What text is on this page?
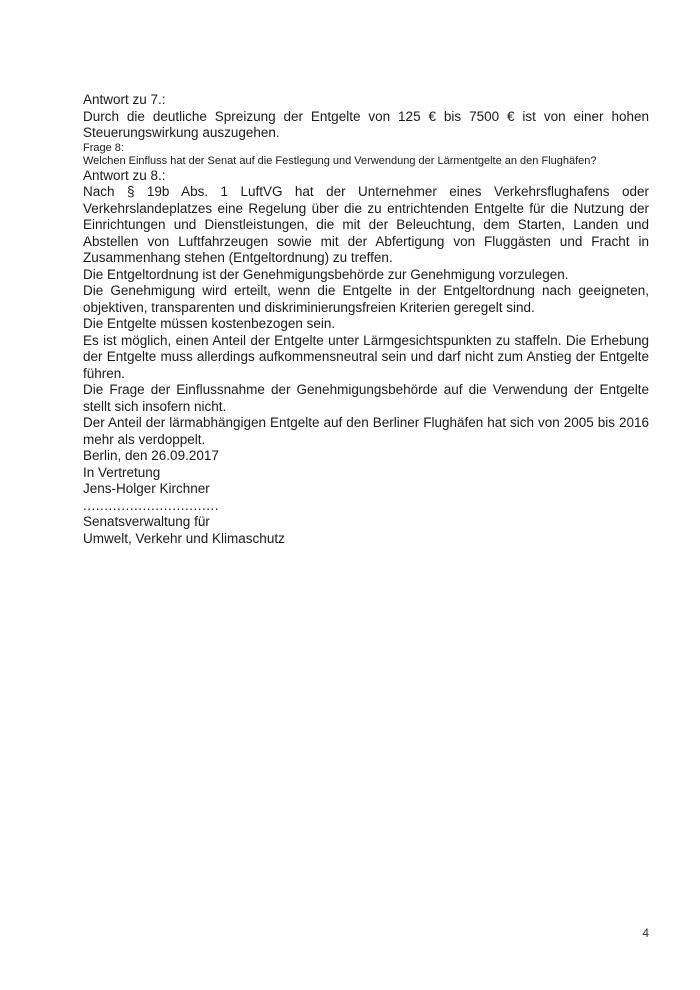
Antwort zu 7.:

Durch die deutliche Spreizung der Entgelte von 125 € bis 7500 € ist von einer hohen Steuerungswirkung auszugehen.

Frage 8:
Welchen Einfluss hat der Senat auf die Festlegung und Verwendung der Lärmentgelte an den Flughäfen?

Antwort zu 8.:

Nach § 19b Abs. 1 LuftVG hat der Unternehmer eines Verkehrsflughafens oder Verkehrslandeplatzes eine Regelung über die zu entrichtenden Entgelte für die Nutzung der Einrichtungen und Dienstleistungen, die mit der Beleuchtung, dem Starten, Landen und Abstellen von Luftfahrzeugen sowie mit der Abfertigung von Fluggästen und Fracht in Zusammenhang stehen (Entgeltordnung) zu treffen.

Die Entgeltordnung ist der Genehmigungsbehörde zur Genehmigung vorzulegen.
Die Genehmigung wird erteilt, wenn die Entgelte in der Entgeltordnung nach geeigneten, objektiven, transparenten und diskriminierungsfreien Kriterien geregelt sind.

Die Entgelte müssen kostenbezogen sein.

Es ist möglich, einen Anteil der Entgelte unter Lärmgesichtspunkten zu staffeln. Die Erhebung der Entgelte muss allerdings aufkommensneutral sein und darf nicht zum Anstieg der Entgelte führen.

Die Frage der Einflussnahme der Genehmigungsbehörde auf die Verwendung der Entgelte stellt sich insofern nicht.

Der Anteil der lärmabhängigen Entgelte auf den Berliner Flughäfen hat sich von 2005 bis 2016 mehr als verdoppelt.

Berlin, den 26.09.2017

In Vertretung

Jens-Holger Kirchner
................................
Senatsverwaltung für
Umwelt, Verkehr und Klimaschutz
4
